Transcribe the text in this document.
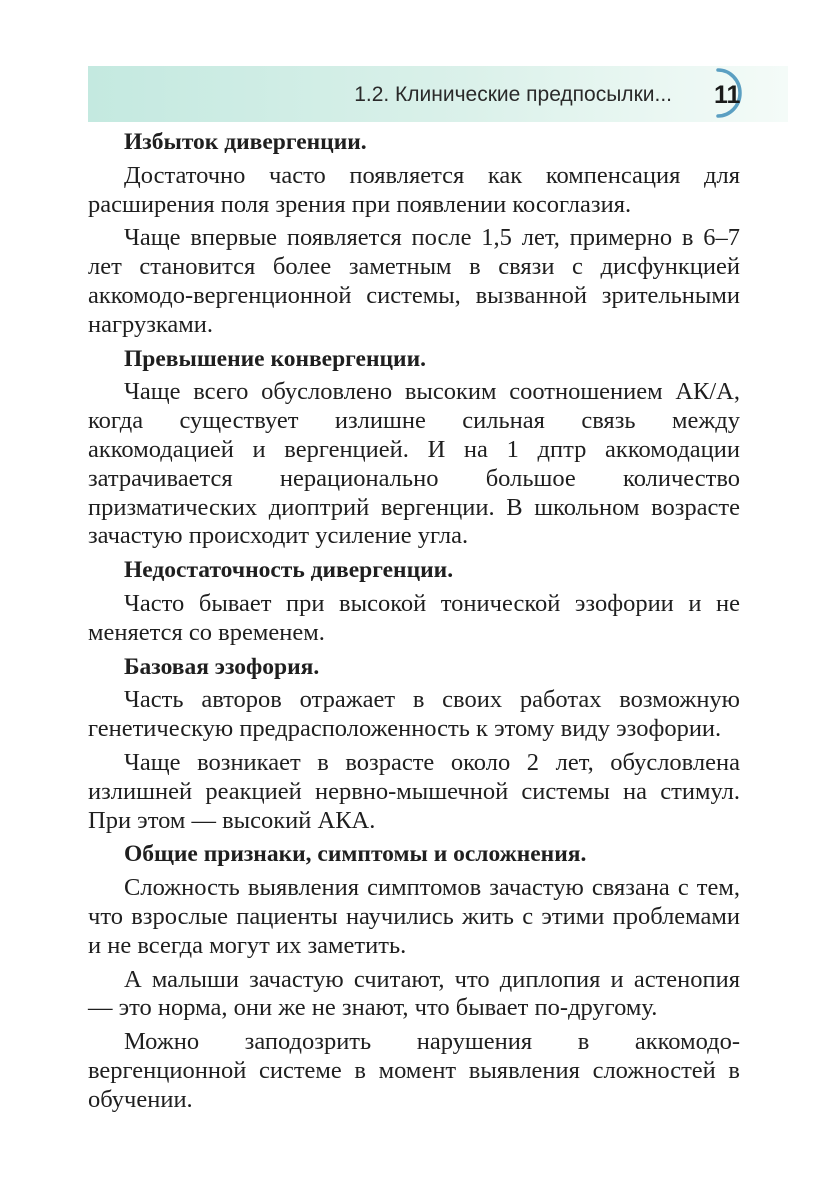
1.2. Клинические предпосылки... 11

Избыток дивергенции.

Достаточно часто появляется как компенсация для расширения поля зрения при появлении косоглазия.

Чаще впервые появляется после 1,5 лет, примерно в 6–7 лет становится более заметным в связи с дисфункцией аккомодо-вергенционной системы, вызванной зрительными нагрузками.

Превышение конвергенции.

Чаще всего обусловлено высоким соотношением АК/А, когда существует излишне сильная связь между аккомодацией и вергенцией. И на 1 дптр аккомодации затрачивается нерационально большое количество призматических диоптрий вергенции. В школьном возрасте зачастую происходит усиление угла.

Недостаточность дивергенции.

Часто бывает при высокой тонической эзофории и не меняется со временем.

Базовая эзофория.

Часть авторов отражает в своих работах возможную генетическую предрасположенность к этому виду эзофории.

Чаще возникает в возрасте около 2 лет, обусловлена излишней реакцией нервно-мышечной системы на стимул. При этом — высокий АКА.

Общие признаки, симптомы и осложнения.

Сложность выявления симптомов зачастую связана с тем, что взрослые пациенты научились жить с этими проблемами и не всегда могут их заметить.

А малыши зачастую считают, что диплопия и астенопия — это норма, они же не знают, что бывает по-другому.

Можно заподозрить нарушения в аккомодо-вергенционной системе в момент выявления сложностей в обучении.
